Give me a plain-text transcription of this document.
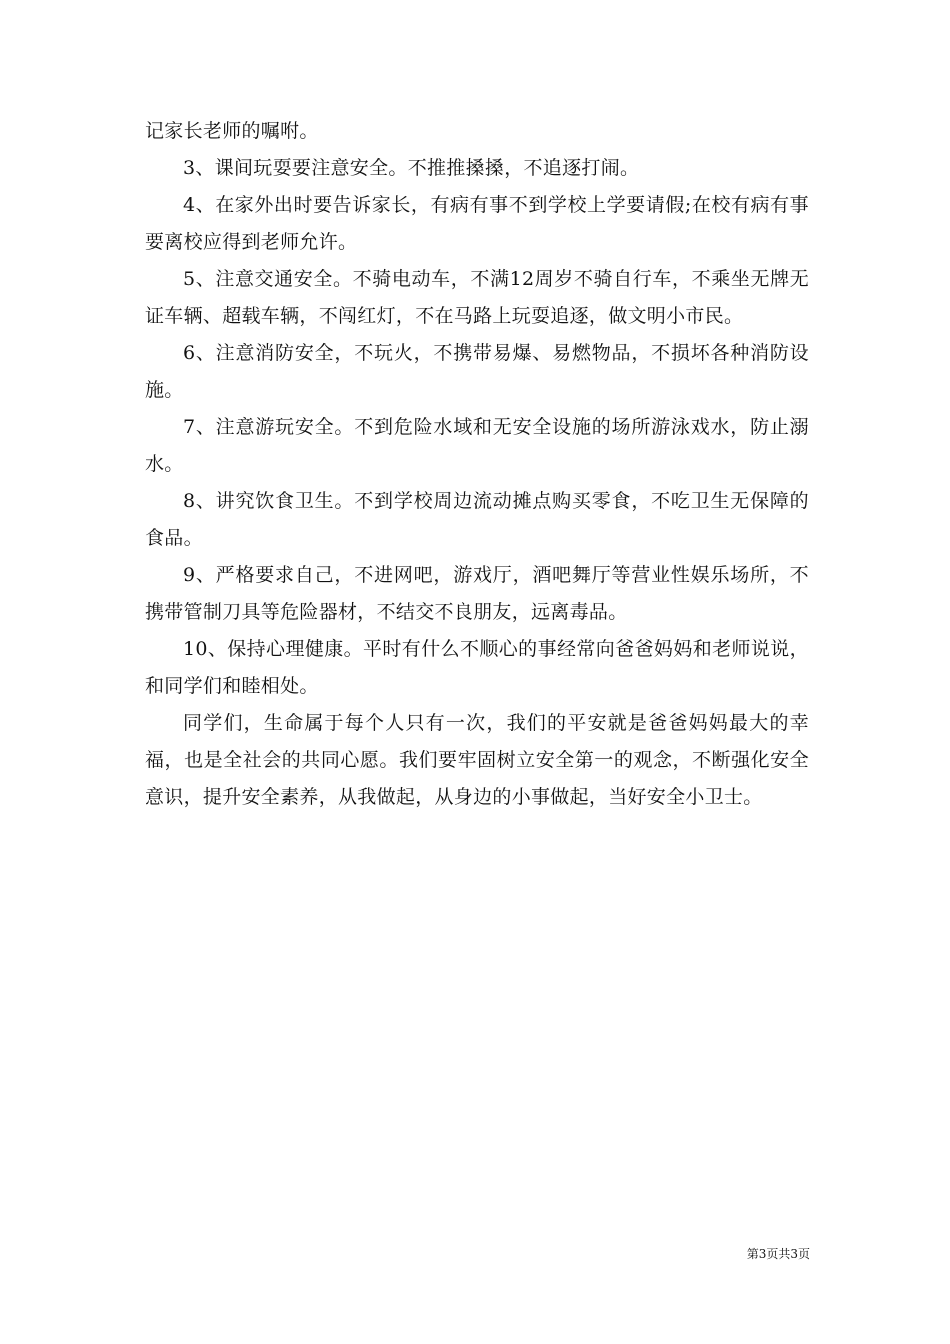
记家长老师的嘱咐。

3、课间玩耍要注意安全。不推推搡搡，不追逐打闹。

4、在家外出时要告诉家长，有病有事不到学校上学要请假;在校有病有事要离校应得到老师允许。

5、注意交通安全。不骑电动车，不满12周岁不骑自行车，不乘坐无牌无证车辆、超载车辆，不闯红灯，不在马路上玩耍追逐，做文明小市民。

6、注意消防安全，不玩火，不携带易爆、易燃物品，不损坏各种消防设施。

7、注意游玩安全。不到危险水域和无安全设施的场所游泳戏水，防止溺水。

8、讲究饮食卫生。不到学校周边流动摊点购买零食，不吃卫生无保障的食品。

9、严格要求自己，不进网吧，游戏厅，酒吧舞厅等营业性娱乐场所，不携带管制刀具等危险器材，不结交不良朋友，远离毒品。

10、保持心理健康。平时有什么不顺心的事经常向爸爸妈妈和老师说说，和同学们和睦相处。

同学们，生命属于每个人只有一次，我们的平安就是爸爸妈妈最大的幸福，也是全社会的共同心愿。我们要牢固树立安全第一的观念，不断强化安全意识，提升安全素养，从我做起，从身边的小事做起，当好安全小卫士。

第3页共3页
